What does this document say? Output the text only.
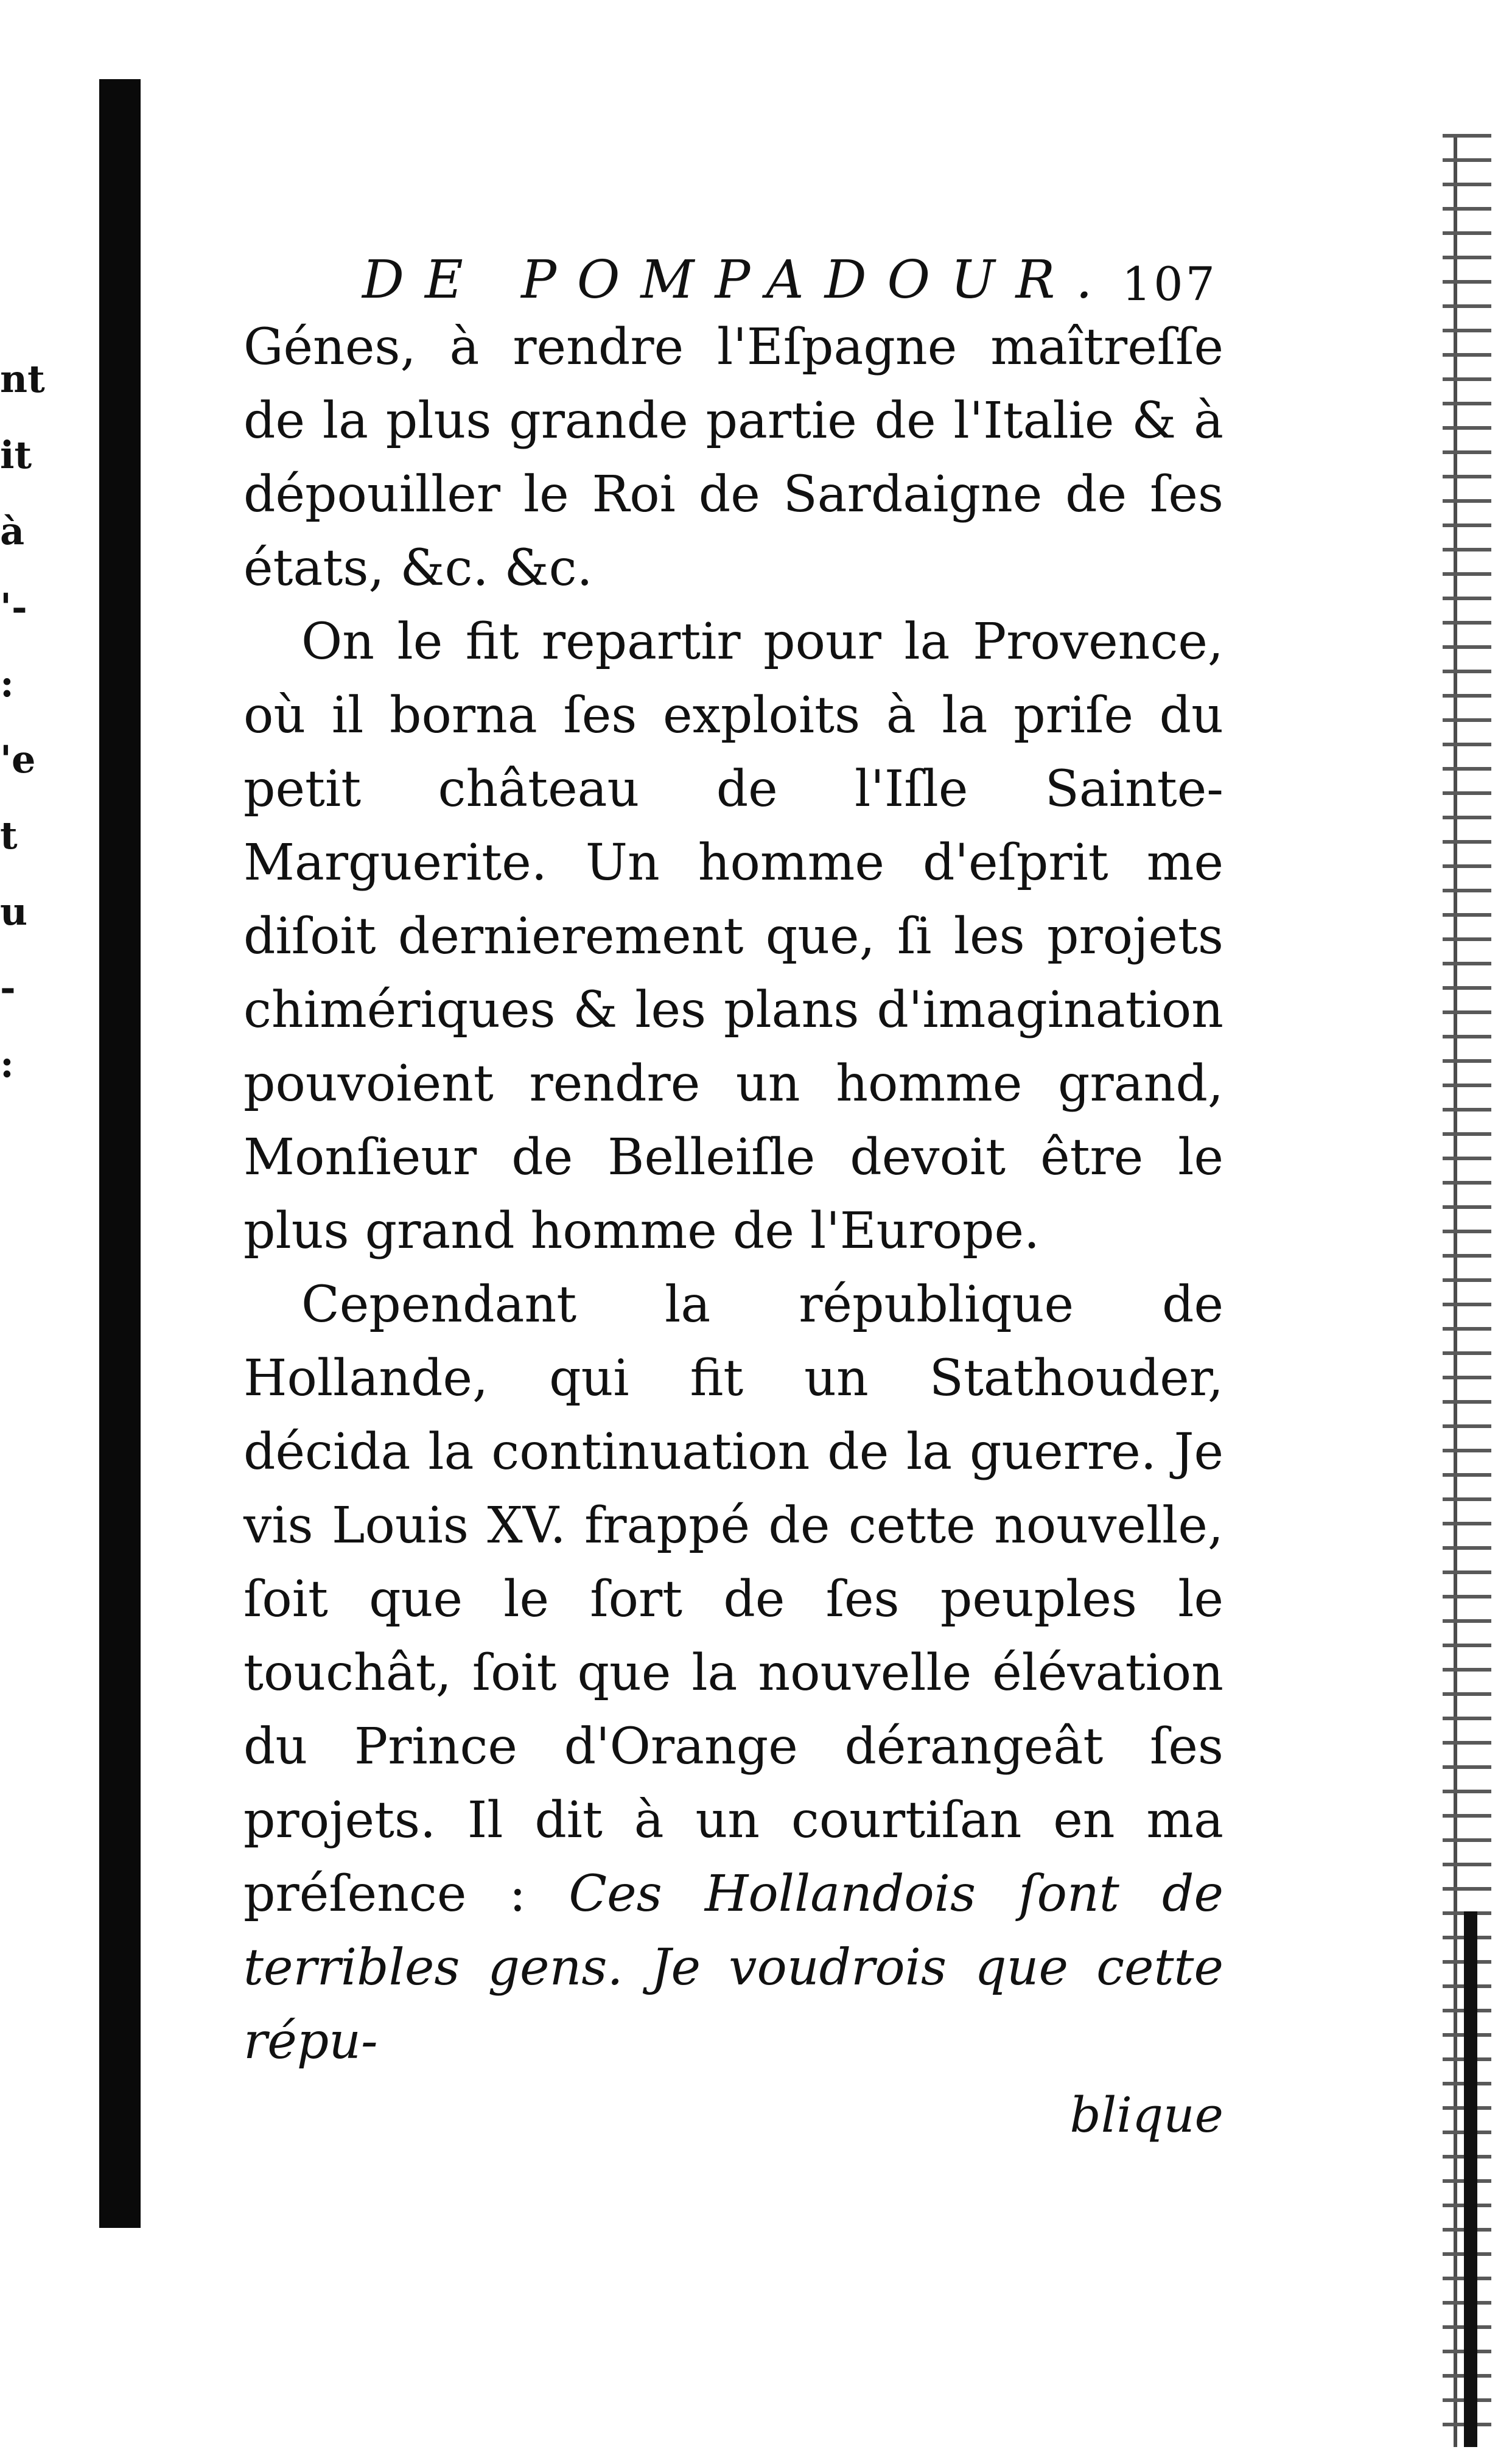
nt
it
à
'-
:
'e
t
u
-
:
DE POMPADOUR. 107

Génes, à rendre l'Eſpagne maîtreſſe de la plus grande partie de l'Italie & à dépouiller le Roi de Sardaigne de ſes états, &c. &c.

On le fit repartir pour la Provence, où il borna ſes exploits à la priſe du petit château de l'Iſle Sainte-Marguerite. Un homme d'eſprit me diſoit dernierement que, ſi les projets chimériques & les plans d'imagination pouvoient rendre un homme grand, Monſieur de Belleiſle devoit être le plus grand homme de l'Europe.

Cependant la république de Hollande, qui fit un Stathouder, décida la continuation de la guerre. Je vis Louis XV. frappé de cette nouvelle, ſoit que le ſort de ſes peuples le touchât, ſoit que la nouvelle élévation du Prince d'Orange dérangeât ſes projets. Il dit à un courtiſan en ma préſence : Ces Hollandois ſont de terribles gens. Je voudrois que cette répu-

blique
